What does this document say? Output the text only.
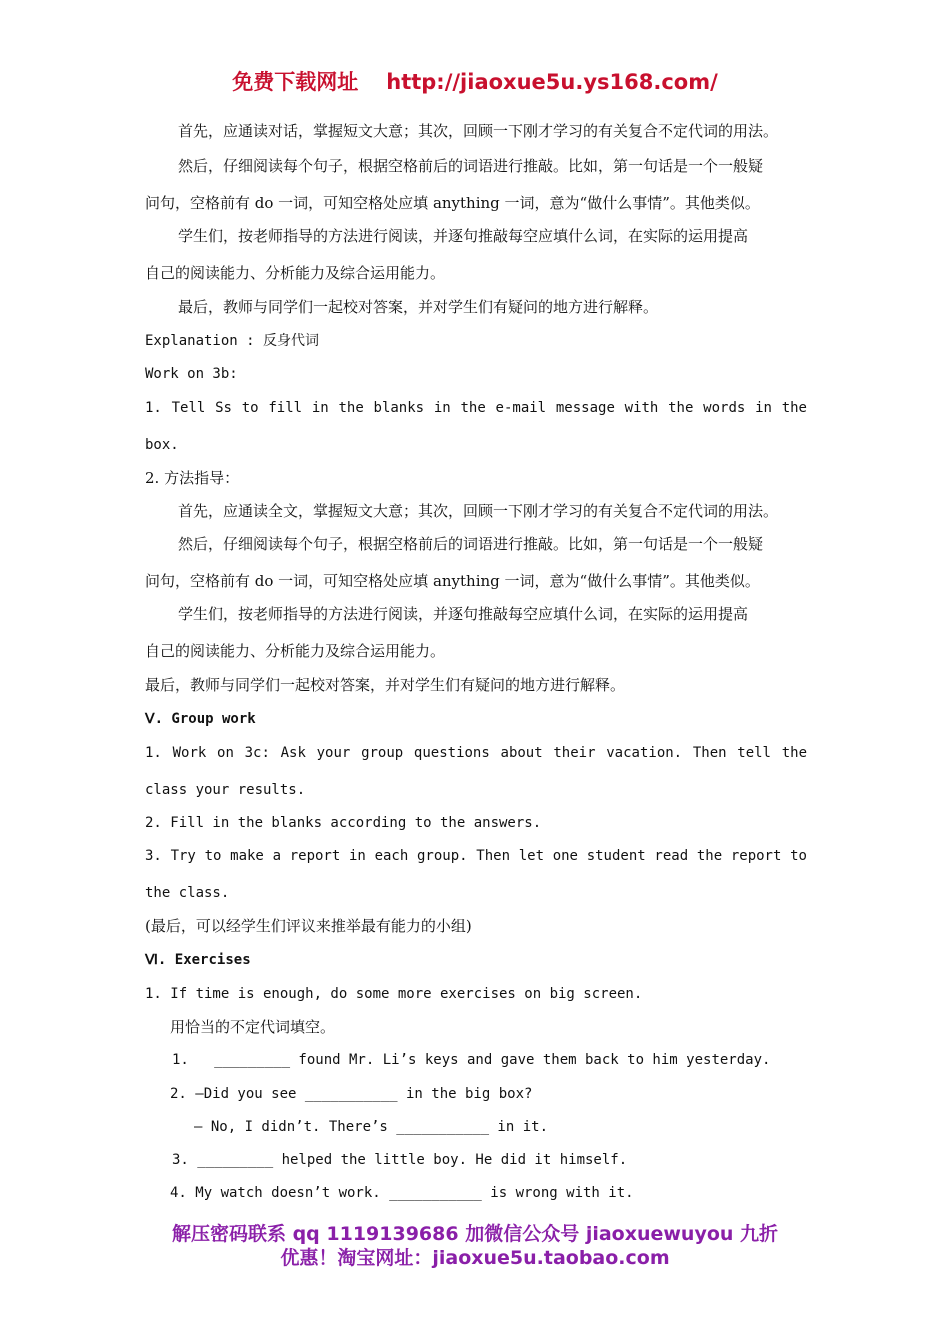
免费下载网址 http://jiaoxue5u.ys168.com/
首先，应通读对话，掌握短文大意；其次，回顾一下刚才学习的有关复合不定代词的用法。
然后，仔细阅读每个句子，根据空格前后的词语进行推敲。比如，第一句话是一个一般疑
问句，空格前有 do 一词，可知空格处应填 anything 一词，意为“做什么事情”。其他类似。
学生们，按老师指导的方法进行阅读，并逐句推敲每空应填什么词，在实际的运用提高
自己的阅读能力、分析能力及综合运用能力。
最后，教师与同学们一起校对答案，并对学生们有疑问的地方进行解释。
Explanation : 反身代词
Work on 3b:
1. Tell Ss to fill in the blanks in the e-mail message with the words in the
box.
2. 方法指导：
首先，应通读全文，掌握短文大意；其次，回顾一下刚才学习的有关复合不定代词的用法。
然后，仔细阅读每个句子，根据空格前后的词语进行推敲。比如，第一句话是一个一般疑
问句，空格前有 do 一词，可知空格处应填 anything 一词，意为“做什么事情”。其他类似。
学生们，按老师指导的方法进行阅读，并逐句推敲每空应填什么词，在实际的运用提高
自己的阅读能力、分析能力及综合运用能力。
最后，教师与同学们一起校对答案，并对学生们有疑问的地方进行解释。
Ⅴ. Group work
1. Work on 3c: Ask your group questions about their vacation. Then tell the
class your results.
2. Fill in the blanks according to the answers.
3. Try to make a report in each group. Then let one student read the report to
the class.
(最后，可以经学生们评议来推举最有能力的小组)
Ⅵ. Exercises
1. If time is enough, do some more exercises on big screen.
用恰当的不定代词填空。
1.   _________ found Mr. Li’s keys and gave them back to him yesterday.
2. —Did you see ___________ in the big box?
— No, I didn’t. There’s ___________ in it.
3. _________ helped the little boy. He did it himself.
4. My watch doesn’t work. ___________ is wrong with it.
解压密码联系 qq 1119139686 加微信公众号 jiaoxuewuyou 九折
优惠！淘宝网址：jiaoxue5u.taobao.com
